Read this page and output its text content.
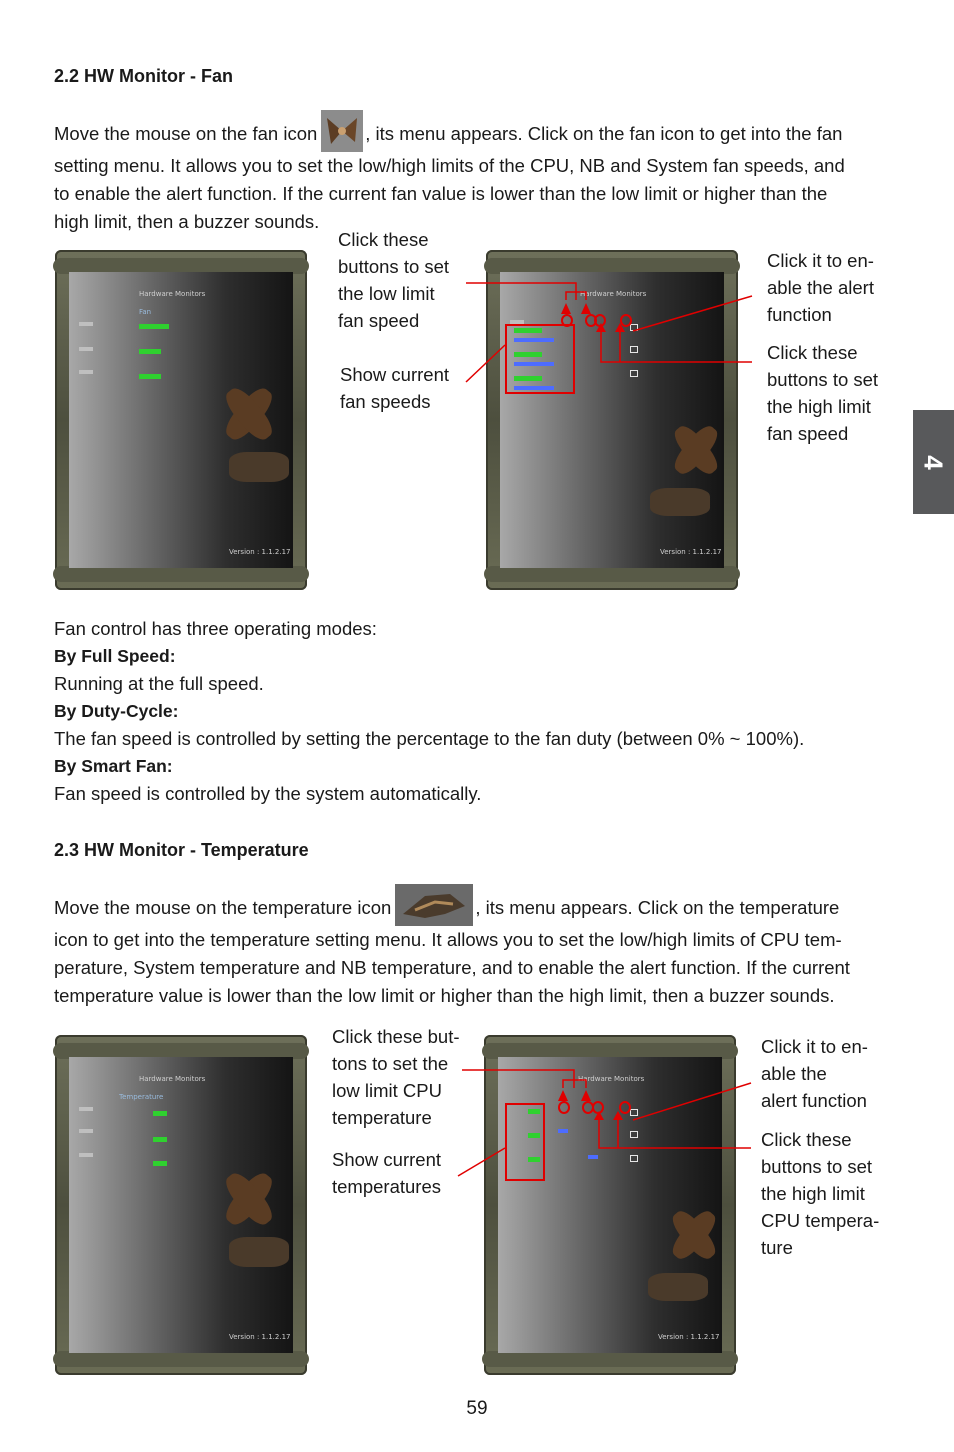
4
2.2 HW Monitor - Fan
Move the mouse on the fan icon	, its menu appears. Click on the fan icon to get into the fan
setting menu. It allows you to set the low/high limits of the CPU, NB and System fan speeds, and
to enable the alert function. If the current fan value is lower than the low limit or higher than the
high limit, then a buzzer sounds.
Hardware Monitors
Fan
Version : 1.1.2.17
Hardware Monitors
Version : 1.1.2.17
Click these
buttons to set
the low limit
fan speed
Show current
fan speeds
Click it to en-
able the alert
function
Click these
buttons to set
the high limit
fan speed
Fan control has three operating modes:
By Full Speed:
Running at the full speed.
By Duty-Cycle:
The fan speed is controlled by setting the percentage to the fan duty (between 0% ~ 100%).
By Smart Fan:
Fan speed is controlled by the system automatically.
2.3 HW Monitor - Temperature
Move the mouse on the temperature icon	, its menu appears. Click on the temperature
icon to get into the temperature setting menu. It allows you to set the low/high limits of CPU tem-
perature, System temperature and NB temperature, and to enable the alert function. If the current
temperature value is lower than the low limit or higher than the high limit, then a buzzer sounds.
Hardware Monitors
Temperature
Version : 1.1.2.17
Hardware Monitors
Version : 1.1.2.17
Click these but-
tons to set the
low limit CPU
temperature
Show current
temperatures
Click it to en-
able the
alert function
Click these
buttons to set
the high limit
CPU tempera-
ture
59
